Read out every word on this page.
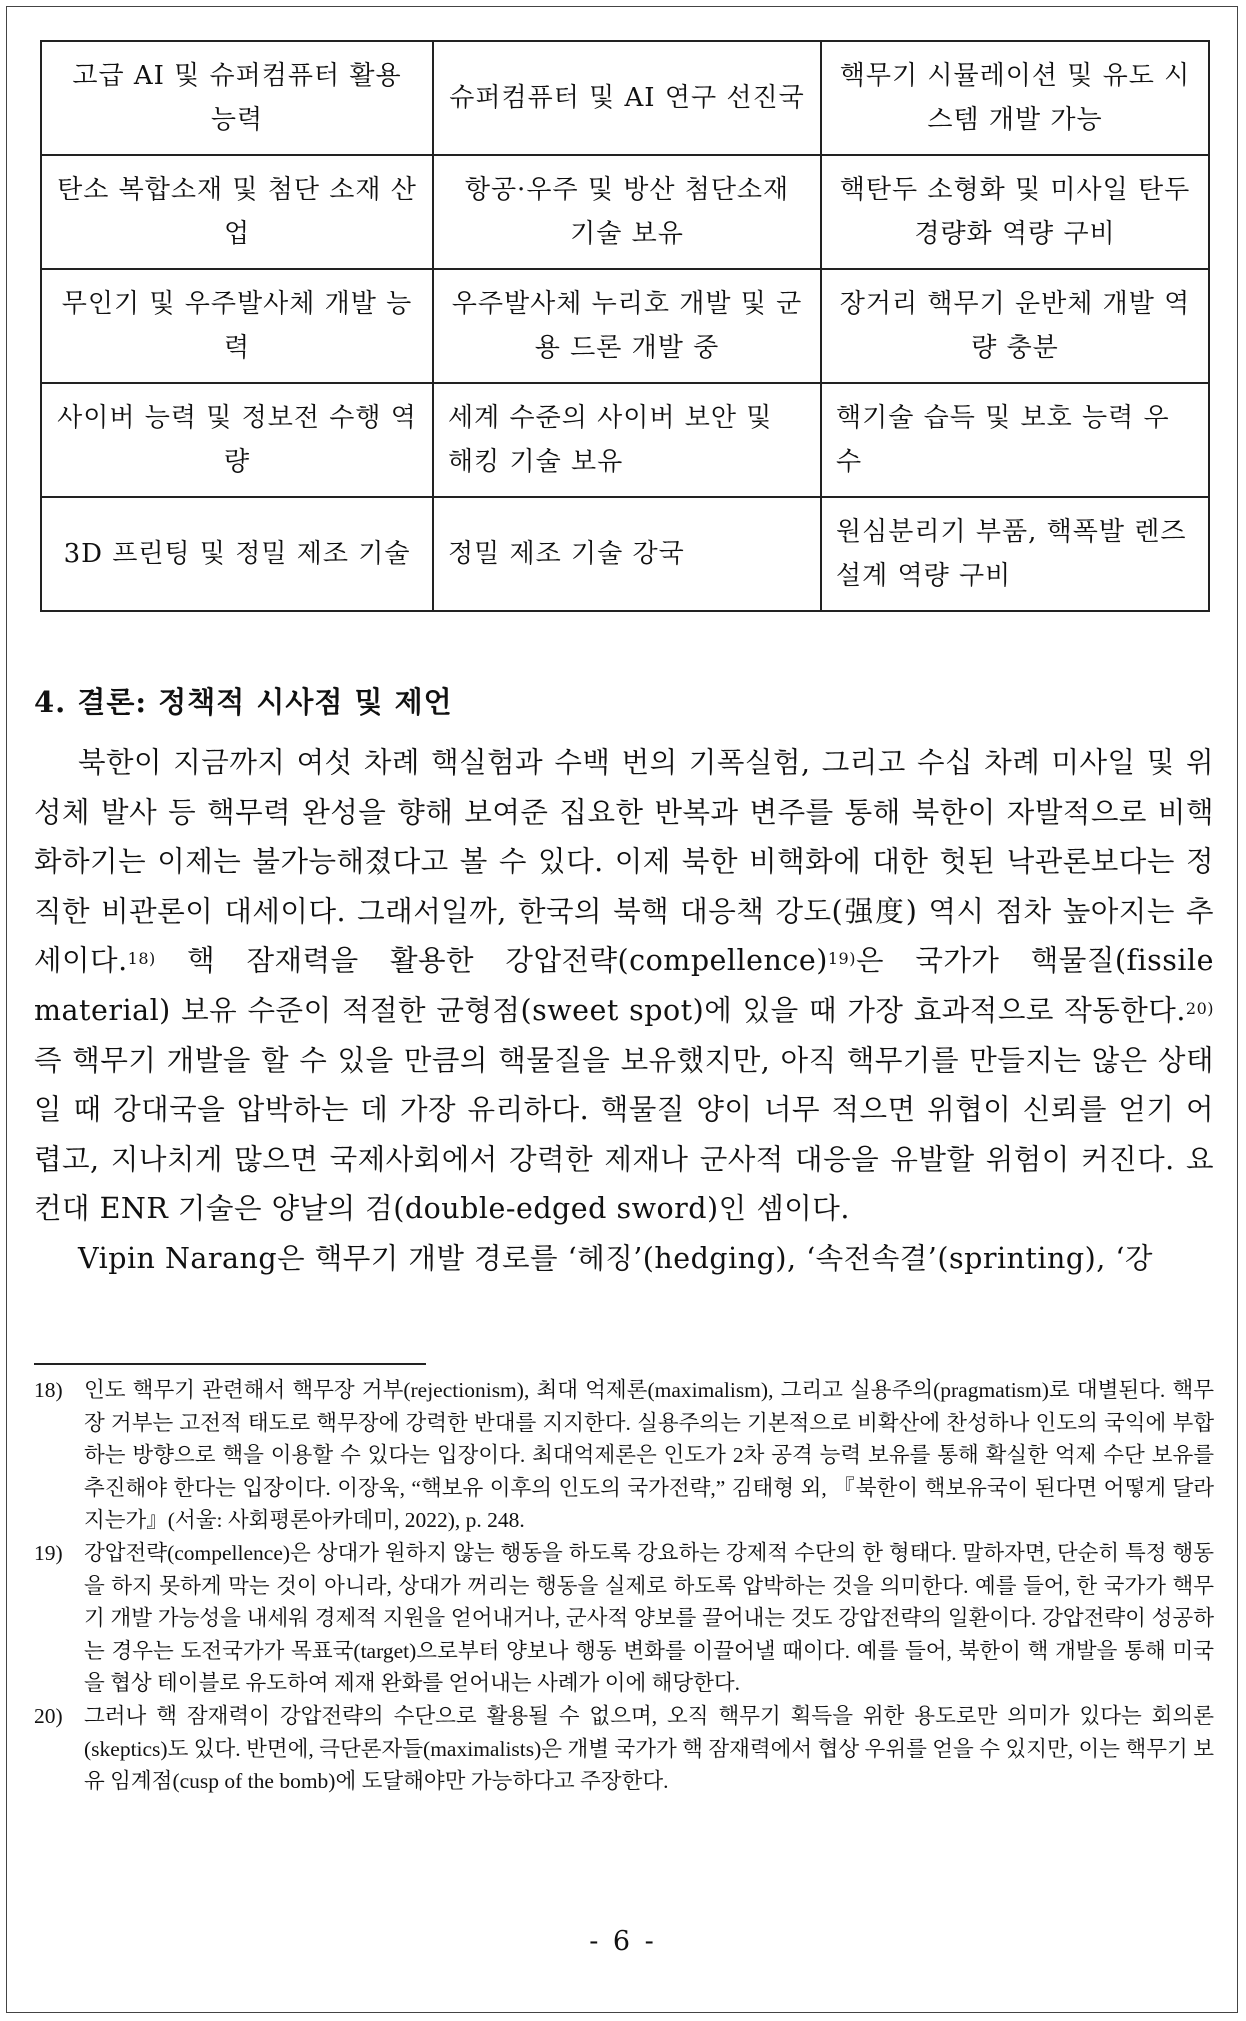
고급 AI 및 슈퍼컴퓨터 활용 능력	슈퍼컴퓨터 및 AI 연구 선진국	핵무기 시뮬레이션 및 유도 시스템 개발 가능
탄소 복합소재 및 첨단 소재 산업	항공·우주 및 방산 첨단소재 기술 보유	핵탄두 소형화 및 미사일 탄두 경량화 역량 구비
무인기 및 우주발사체 개발 능력	우주발사체 누리호 개발 및 군용 드론 개발 중	장거리 핵무기 운반체 개발 역량 충분
사이버 능력 및 정보전 수행 역량	세계 수준의 사이버 보안 및 해킹 기술 보유	핵기술 습득 및 보호 능력 우수
3D 프린팅 및 정밀 제조 기술	정밀 제조 기술 강국	원심분리기 부품, 핵폭발 렌즈 설계 역량 구비
4. 결론: 정책적 시사점 및 제언

북한이 지금까지 여섯 차례 핵실험과 수백 번의 기폭실험, 그리고 수십 차례 미사일 및 위성체 발사 등 핵무력 완성을 향해 보여준 집요한 반복과 변주를 통해 북한이 자발적으로 비핵화하기는 이제는 불가능해졌다고 볼 수 있다. 이제 북한 비핵화에 대한 헛된 낙관론보다는 정직한 비관론이 대세이다. 그래서일까, 한국의 북핵 대응책 강도(强度) 역시 점차 높아지는 추세이다.$^{18)}$ 핵 잠재력을 활용한 강압전략(compellence)$^{19)}$은 국가가 핵물질(fissile material) 보유 수준이 적절한 균형점(sweet spot)에 있을 때 가장 효과적으로 작동한다.$^{20)}$ 즉 핵무기 개발을 할 수 있을 만큼의 핵물질을 보유했지만, 아직 핵무기를 만들지는 않은 상태일 때 강대국을 압박하는 데 가장 유리하다. 핵물질 양이 너무 적으면 위협이 신뢰를 얻기 어렵고, 지나치게 많으면 국제사회에서 강력한 제재나 군사적 대응을 유발할 위험이 커진다. 요컨대 ENR 기술은 양날의 검(double-edged sword)인 셈이다.

Vipin Narang은 핵무기 개발 경로를 ‘헤징’(hedging), ‘속전속결’(sprinting), ‘강

18) 인도 핵무기 관련해서 핵무장 거부(rejectionism), 최대 억제론(maximalism), 그리고 실용주의(pragmatism)로 대별된다. 핵무장 거부는 고전적 태도로 핵무장에 강력한 반대를 지지한다. 실용주의는 기본적으로 비확산에 찬성하나 인도의 국익에 부합하는 방향으로 핵을 이용할 수 있다는 입장이다. 최대억제론은 인도가 2차 공격 능력 보유를 통해 확실한 억제 수단 보유를 추진해야 한다는 입장이다. 이장욱, “핵보유 이후의 인도의 국가전략,” 김태형 외, 『북한이 핵보유국이 된다면 어떻게 달라지는가』(서울: 사회평론아카데미, 2022), p. 248.
19) 강압전략(compellence)은 상대가 원하지 않는 행동을 하도록 강요하는 강제적 수단의 한 형태다. 말하자면, 단순히 특정 행동을 하지 못하게 막는 것이 아니라, 상대가 꺼리는 행동을 실제로 하도록 압박하는 것을 의미한다. 예를 들어, 한 국가가 핵무기 개발 가능성을 내세워 경제적 지원을 얻어내거나, 군사적 양보를 끌어내는 것도 강압전략의 일환이다. 강압전략이 성공하는 경우는 도전국가가 목표국(target)으로부터 양보나 행동 변화를 이끌어낼 때이다. 예를 들어, 북한이 핵 개발을 통해 미국을 협상 테이블로 유도하여 제재 완화를 얻어내는 사례가 이에 해당한다.
20) 그러나 핵 잠재력이 강압전략의 수단으로 활용될 수 없으며, 오직 핵무기 획득을 위한 용도로만 의미가 있다는 회의론(skeptics)도 있다. 반면에, 극단론자들(maximalists)은 개별 국가가 핵 잠재력에서 협상 우위를 얻을 수 있지만, 이는 핵무기 보유 임계점(cusp of the bomb)에 도달해야만 가능하다고 주장한다.
- 6 -
